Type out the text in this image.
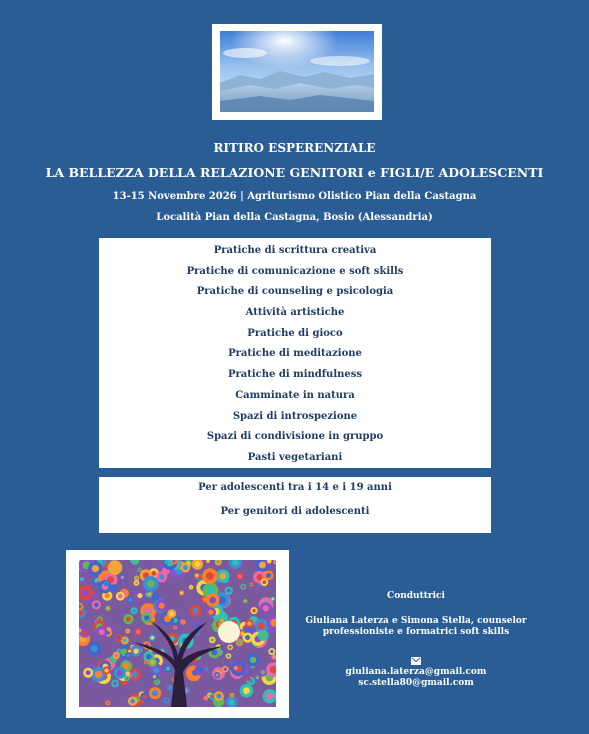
RITIRO ESPERENZIALE

LA BELLEZZA DELLA RELAZIONE GENITORI e FIGLI/E ADOLESCENTI

13-15 Novembre 2026 | Agriturismo Olistico Pian della Castagna

Località Pian della Castagna, Bosio (Alessandria)

Pratiche di scrittura creativa
Pratiche di comunicazione e soft skills
Pratiche di counseling e psicologia
Attività artistiche
Pratiche di gioco
Pratiche di meditazione
Pratiche di mindfulness
Camminate in natura
Spazi di introspezione
Spazi di condivisione in gruppo
Pasti vegetariani
Per adolescenti tra i 14 e i 19 anni
Per genitori di adolescenti
Conduttrici
Giuliana Laterza e Simona Stella, counselor professioniste e formatrici soft skills
giuliana.laterza@gmail.com
sc.stella80@gmail.com
